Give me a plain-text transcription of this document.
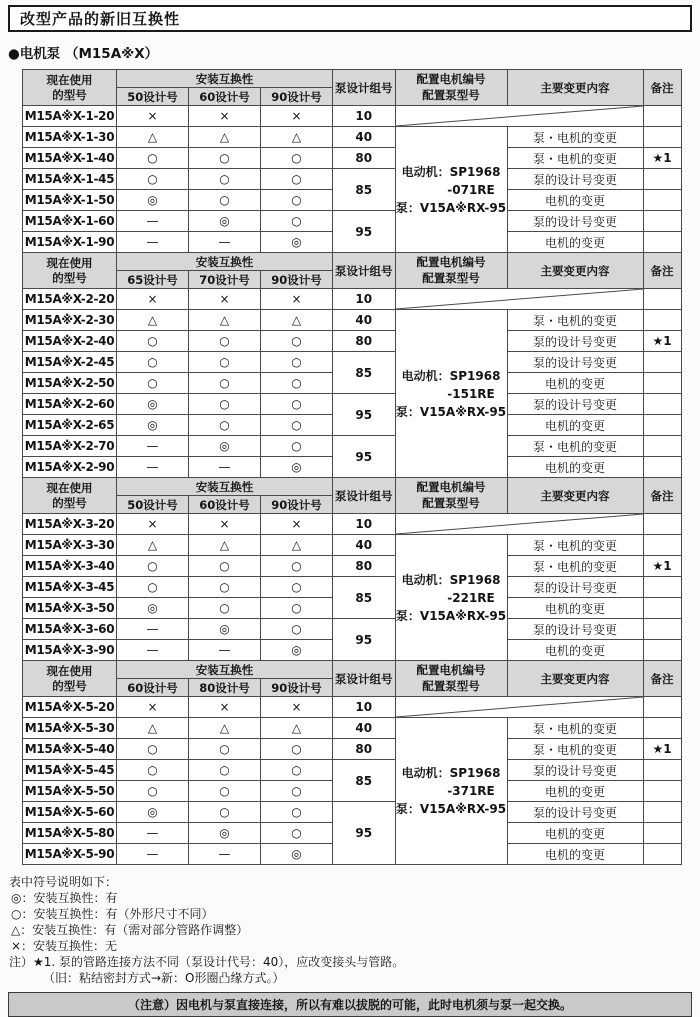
改型产品的新旧互换性
●电机泵 （M15A※X）
现在使用
的型号
	安装互换性	泵设计组号	
配置电机编号
配置泵型号	主要变更内容	备注
	50设计号	60设计号	90设计号				
M15A※X-1-20	×	×	×	10	

M15A※X-1-30	△	△	△	40	电动机：SP1968
-071RE
泵：V15A※RX-95	泵・电机的变更	
M15A※X-1-40	○	○	○	80		泵・电机的变更	★1
M15A※X-1-45	○	○	○	85		泵的设计号变更	
M15A※X-1-50	◎	○	○			电机的变更	
M15A※X-1-60	—	◎	○	95		泵的设计号变更	
M15A※X-1-90	—	—	◎			电机的变更	
现在使用
的型号
	安装互换性	泵设计组号	
配置电机编号
配置泵型号	主要变更内容	备注
	65设计号	70设计号	90设计号				
M15A※X-2-20	×	×	×	10	

M15A※X-2-30	△	△	△	40	电动机：SP1968
-151RE
泵：V15A※RX-95	泵・电机的变更	
M15A※X-2-40	○	○	○	80		泵的设计号变更	★1
M15A※X-2-45	○	○	○	85		泵的设计号变更	
M15A※X-2-50	○	○	○			电机的变更	
M15A※X-2-60	◎	○	○	95		泵的设计号变更	
M15A※X-2-65	◎	○	○			电机的变更	
M15A※X-2-70	—	◎	○	95		泵・电机的变更	
M15A※X-2-90	—	—	◎			电机的变更	
现在使用
的型号
	安装互换性	泵设计组号	
配置电机编号
配置泵型号	主要变更内容	备注
	50设计号	60设计号	90设计号				
M15A※X-3-20	×	×	×	10	

M15A※X-3-30	△	△	△	40	电动机：SP1968
-221RE
泵：V15A※RX-95	泵・电机的变更	
M15A※X-3-40	○	○	○	80		泵・电机的变更	★1
M15A※X-3-45	○	○	○	85		泵的设计号变更	
M15A※X-3-50	◎	○	○			电机的变更	
M15A※X-3-60	—	◎	○	95		泵的设计号变更	
M15A※X-3-90	—	—	◎			电机的变更	
现在使用
的型号
	安装互换性	泵设计组号	
配置电机编号
配置泵型号	主要变更内容	备注
	60设计号	80设计号	90设计号				
M15A※X-5-20	×	×	×	10	

M15A※X-5-30	△	△	△	40	电动机：SP1968
-371RE
泵：V15A※RX-95	泵・电机的变更	
M15A※X-5-40	○	○	○	80		泵・电机的变更	★1
M15A※X-5-45	○	○	○	85		泵的设计号变更	
M15A※X-5-50	○	○	○			电机的变更	
M15A※X-5-60	◎	○	○	95		泵的设计号变更	
M15A※X-5-80	—	◎	○			电机的变更	
M15A※X-5-90	—	—	◎			电机的变更	
表中符号说明如下：
◎：安装互换性：有
○：安装互换性：有（外形尺寸不同）
△：安装互换性：有（需对部分管路作调整）
×：安装互换性：无
注）★1. 泵的管路连接方法不同（泵设计代号：40），应改变接头与管路。
（旧：粘结密封方式→新：O形圈凸缘方式。）
（注意）因电机与泵直接连接，所以有难以拔脱的可能，此时电机须与泵一起交换。
